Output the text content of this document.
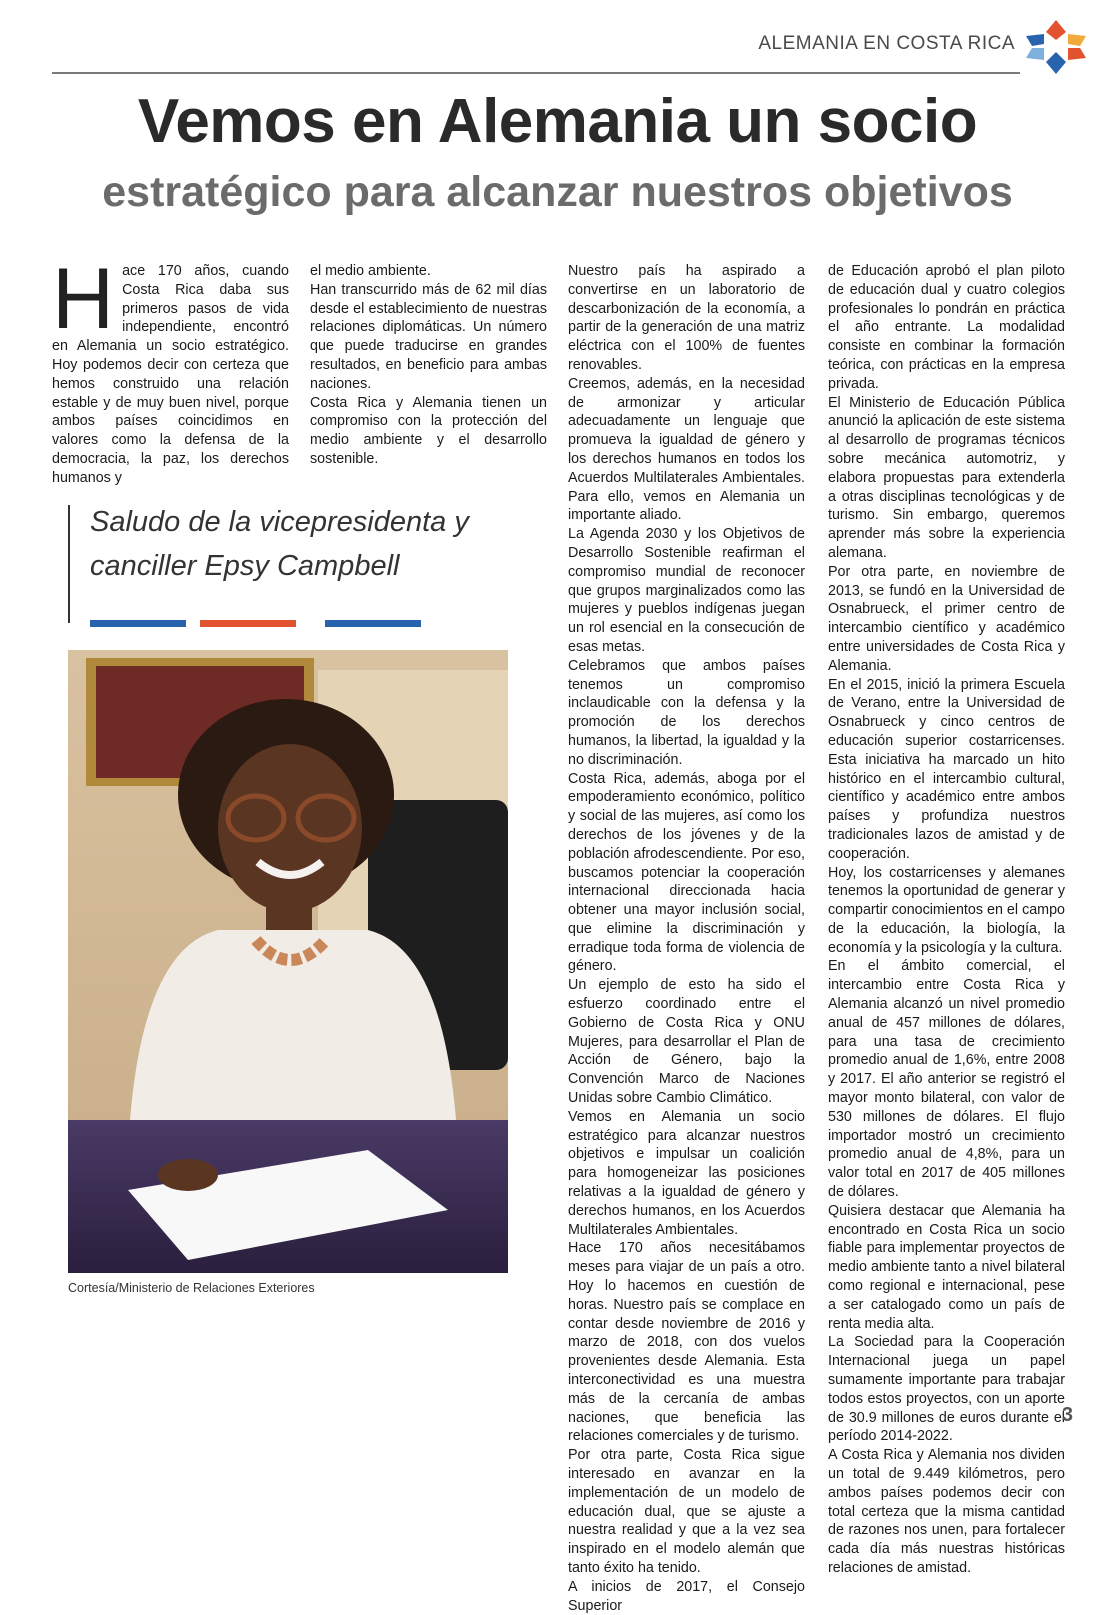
ALEMANIA EN COSTA RICA
Vemos en Alemania un socio
estratégico para alcanzar nuestros objetivos
H ace 170 años, cuando Costa Rica daba sus primeros pasos de vida independiente, encontró en Alemania un socio estratégico. Hoy podemos decir con certeza que hemos construido una relación estable y de muy buen nivel, porque ambos países coincidimos en valores como la defensa de la democracia, la paz, los derechos humanos y

el medio ambiente.

Han transcurrido más de 62 mil días desde el establecimiento de nuestras relaciones diplomáticas. Un número que puede traducirse en grandes resultados, en beneficio para ambas naciones.

Costa Rica y Alemania tienen un compromiso con la protección del medio ambiente y el desarrollo sostenible.

Saludo de la vicepresidenta y canciller Epsy Campbell
Cortesía/Ministerio de Relaciones Exteriores

Nuestro país ha aspirado a convertirse en un laboratorio de descarbonización de la economía, a partir de la generación de una matriz eléctrica con el 100% de fuentes renovables.

Creemos, además, en la necesidad de armonizar y articular adecuadamente un lenguaje que promueva la igualdad de género y los derechos humanos en todos los Acuerdos Multilaterales Ambientales. Para ello, vemos en Alemania un importante aliado.

La Agenda 2030 y los Objetivos de Desarrollo Sostenible reafirman el compromiso mundial de reconocer que grupos marginalizados como las mujeres y pueblos indígenas juegan un rol esencial en la consecución de esas metas.

Celebramos que ambos países tenemos un compromiso inclaudicable con la defensa y la promoción de los derechos humanos, la libertad, la igualdad y la no discriminación.

Costa Rica, además, aboga por el empoderamiento económico, político y social de las mujeres, así como los derechos de los jóvenes y de la población afrodescendiente. Por eso, buscamos potenciar la cooperación internacional direccionada hacia obtener una mayor inclusión social, que elimine la discriminación y erradique toda forma de violencia de género.

Un ejemplo de esto ha sido el esfuerzo coordinado entre el Gobierno de Costa Rica y ONU Mujeres, para desarrollar el Plan de Acción de Género, bajo la Convención Marco de Naciones Unidas sobre Cambio Climático.

Vemos en Alemania un socio estratégico para alcanzar nuestros objetivos e impulsar un coalición para homogeneizar las posiciones relativas a la igualdad de género y derechos humanos, en los Acuerdos Multilaterales Ambientales.

Hace 170 años necesitábamos meses para viajar de un país a otro. Hoy lo hacemos en cuestión de horas. Nuestro país se complace en contar desde noviembre de 2016 y marzo de 2018, con dos vuelos provenientes desde Alemania. Esta interconectividad es una muestra más de la cercanía de ambas naciones, que beneficia las relaciones comerciales y de turismo.

Por otra parte, Costa Rica sigue interesado en avanzar en la implementación de un modelo de educación dual, que se ajuste a nuestra realidad y que a la vez sea inspirado en el modelo alemán que tanto éxito ha tenido.

A inicios de 2017, el Consejo Superior

de Educación aprobó el plan piloto de educación dual y cuatro colegios profesionales lo pondrán en práctica el año entrante. La modalidad consiste en combinar la formación teórica, con prácticas en la empresa privada.

El Ministerio de Educación Pública anunció la aplicación de este sistema al desarrollo de programas técnicos sobre mecánica automotriz, y elabora propuestas para extenderla a otras disciplinas tecnológicas y de turismo. Sin embargo, queremos aprender más sobre la experiencia alemana.

Por otra parte, en noviembre de 2013, se fundó en la Universidad de Osnabrueck, el primer centro de intercambio científico y académico entre universidades de Costa Rica y Alemania.

En el 2015, inició la primera Escuela de Verano, entre la Universidad de Osnabrueck y cinco centros de educación superior costarricenses. Esta iniciativa ha marcado un hito histórico en el intercambio cultural, científico y académico entre ambos países y profundiza nuestros tradicionales lazos de amistad y de cooperación.

Hoy, los costarricenses y alemanes tenemos la oportunidad de generar y compartir conocimientos en el campo de la educación, la biología, la economía y la psicología y la cultura.

En el ámbito comercial, el intercambio entre Costa Rica y Alemania alcanzó un nivel promedio anual de 457 millones de dólares, para una tasa de crecimiento promedio anual de 1,6%, entre 2008 y 2017. El año anterior se registró el mayor monto bilateral, con valor de 530 millones de dólares. El flujo importador mostró un crecimiento promedio anual de 4,8%, para un valor total en 2017 de 405 millones de dólares.

Quisiera destacar que Alemania ha encontrado en Costa Rica un socio fiable para implementar proyectos de medio ambiente tanto a nivel bilateral como regional e internacional, pese a ser catalogado como un país de renta media alta.

La Sociedad para la Cooperación Internacional juega un papel sumamente importante para trabajar todos estos proyectos, con un aporte de 30.9 millones de euros durante el período 2014-2022.

A Costa Rica y Alemania nos dividen un total de 9.449 kilómetros, pero ambos países podemos decir con total certeza que la misma cantidad de razones nos unen, para fortalecer cada día más nuestras históricas relaciones de amistad.

3
